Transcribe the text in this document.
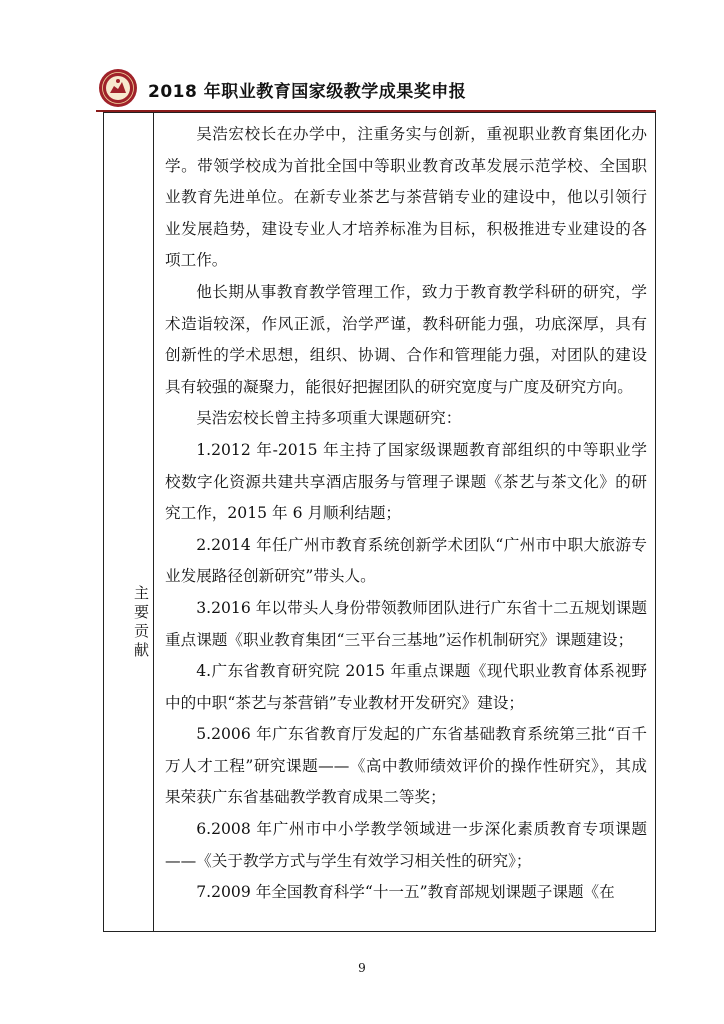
2018 年职业教育国家级教学成果奖申报
主要贡献

吴浩宏校长在办学中，注重务实与创新，重视职业教育集团化办学。带领学校成为首批全国中等职业教育改革发展示范学校、全国职业教育先进单位。在新专业茶艺与茶营销专业的建设中，他以引领行业发展趋势，建设专业人才培养标准为目标，积极推进专业建设的各项工作。

他长期从事教育教学管理工作，致力于教育教学科研的研究，学术造诣较深，作风正派，治学严谨，教科研能力强，功底深厚，具有创新性的学术思想，组织、协调、合作和管理能力强，对团队的建设具有较强的凝聚力，能很好把握团队的研究宽度与广度及研究方向。

吴浩宏校长曾主持多项重大课题研究：

1.2012 年-2015 年主持了国家级课题教育部组织的中等职业学校数字化资源共建共享酒店服务与管理子课题《茶艺与茶文化》的研究工作，2015 年 6 月顺利结题；

2.2014 年任广州市教育系统创新学术团队“广州市中职大旅游专业发展路径创新研究”带头人。

3.2016 年以带头人身份带领教师团队进行广东省十二五规划课题重点课题《职业教育集团“三平台三基地”运作机制研究》课题建设；

4.广东省教育研究院 2015 年重点课题《现代职业教育体系视野中的中职“茶艺与茶营销”专业教材开发研究》建设；

5.2006 年广东省教育厅发起的广东省基础教育系统第三批“百千万人才工程”研究课题——《高中教师绩效评价的操作性研究》，其成果荣获广东省基础教学教育成果二等奖；

6.2008 年广州市中小学教学领域进一步深化素质教育专项课题——《关于教学方式与学生有效学习相关性的研究》；

7.2009 年全国教育科学“十一五”教育部规划课题子课题《在

9
